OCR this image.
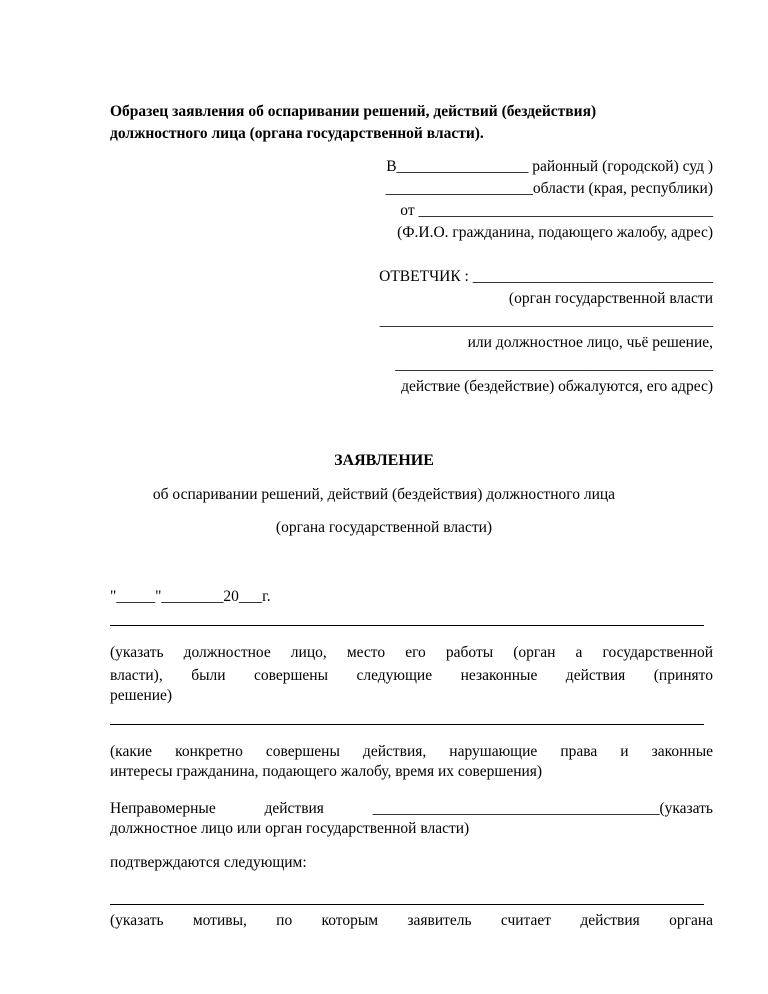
Образец заявления об оспаривании решений, действий (бездействия)
должностного лица (органа государственной власти).
В_________________ районный (городской) суд )
___________________области (края, республики)
от ______________________________________
(Ф.И.О. гражданина, подающего жалобу, адрес)
ОТВЕТЧИК : _______________________________
(орган государственной власти
___________________________________________
или должностное лицо, чьё решение,
_________________________________________
действие (бездействие) обжалуются, его адрес)
ЗАЯВЛЕНИЕ
об оспаривании решений, действий (бездействия) должностного лица
(органа государственной власти)
"_____"________20___г.
(указать должностное лицо, место его работы (орган а государственной
власти), были совершены следующие незаконные действия (принято
решение)
(какие конкретно совершены действия, нарушающие права и законные
интересы гражданина, подающего жалобу, время их совершения)
Неправомерные действия _____________________________________(указать
должностное лицо или орган государственной власти)
подтверждаются следующим:
(указать мотивы, по которым заявитель считает действия органа
